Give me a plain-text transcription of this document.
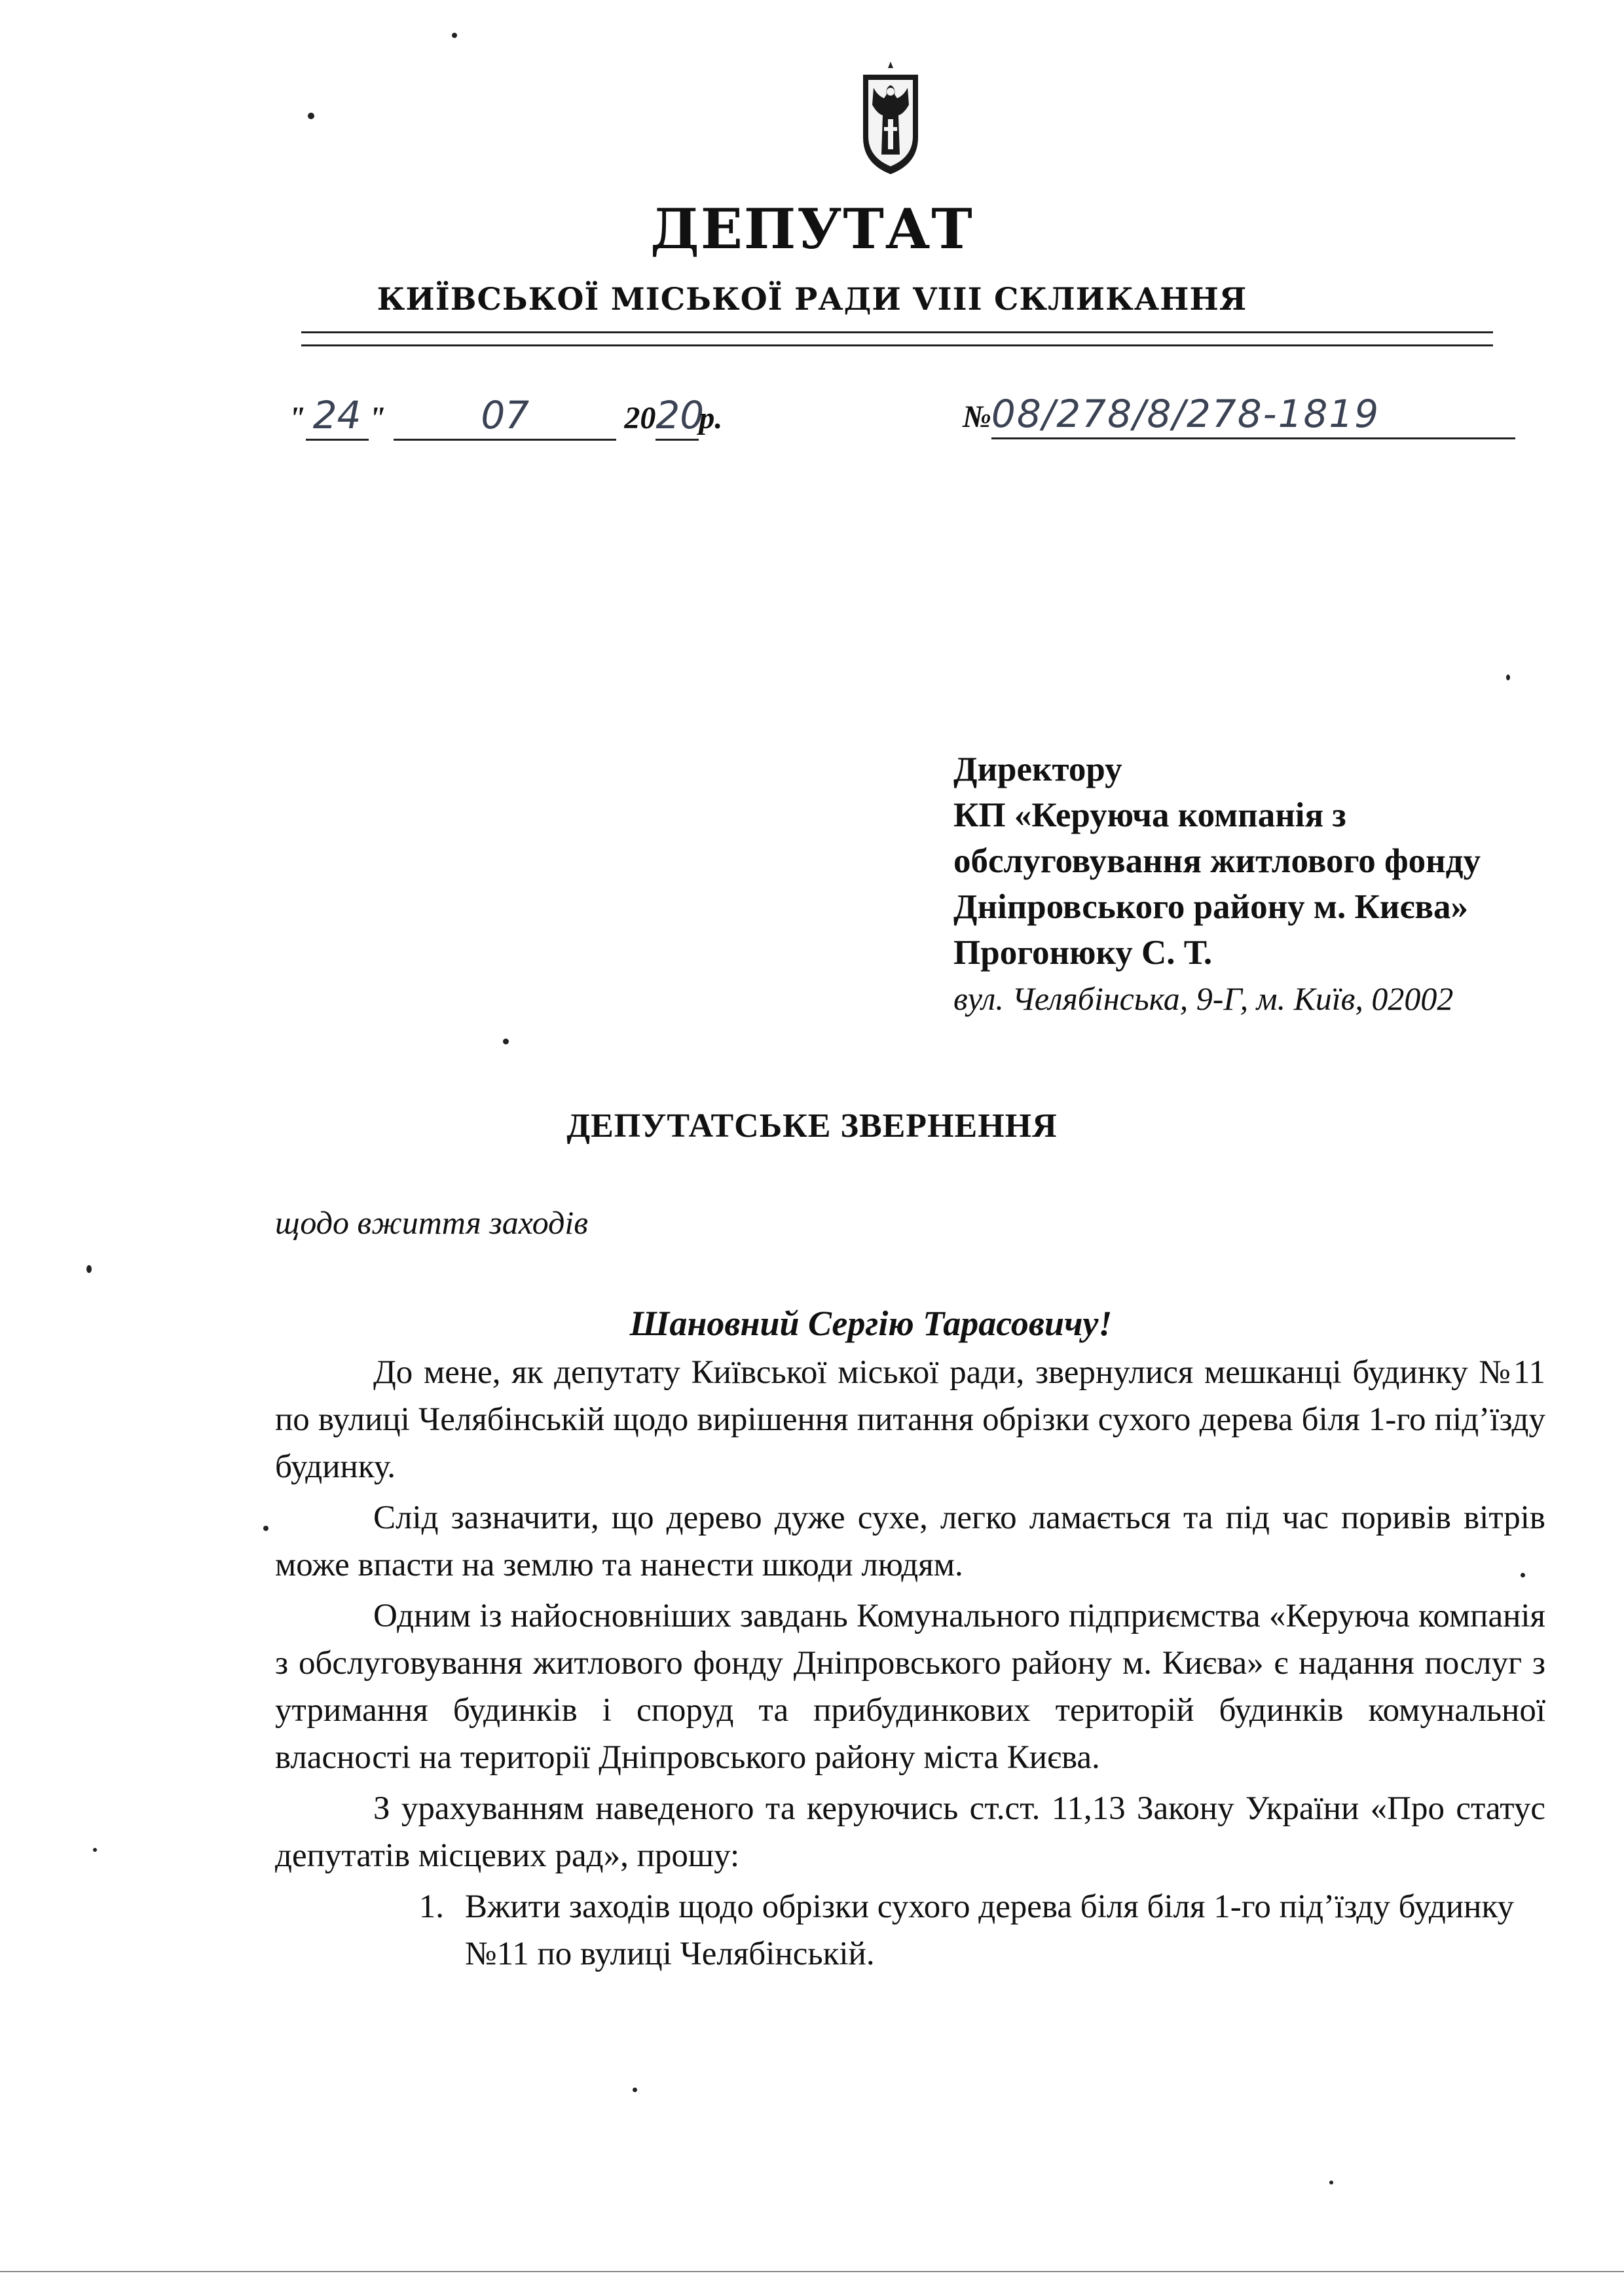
ДЕПУТАТ
КИЇВСЬКОЇ МІСЬКОЇ РАДИ VIII СКЛИКАННЯ
" 24 "	07	2020р.	№08/278/8/278-1819
Директору
КП «Керуюча компанія з
обслуговування житлового фонду
Дніпровського району м. Києва»
Прогонюку С. Т.
вул. Челябінська, 9-Г, м. Київ, 02002
ДЕПУТАТСЬКЕ ЗВЕРНЕННЯ
щодо вжиття заходів
Шановний Сергію Тарасовичу!

До мене, як депутату Київської міської ради, звернулися мешканці будинку №11 по вулиці Челябінській щодо вирішення питання обрізки сухого дерева біля 1-го під’їзду будинку.

Слід зазначити, що дерево дуже сухе, легко ламається та під час поривів вітрів може впасти на землю та нанести шкоди людям.

Одним із найосновніших завдань Комунального підприємства «Керуюча компанія з обслуговування житлового фонду Дніпровського району м. Києва» є надання послуг з утримання будинків і споруд та прибудинкових територій будинків комунальної власності на території Дніпровського району міста Києва.

З урахуванням наведеного та керуючись ст.ст. 11,13 Закону України «Про статус депутатів місцевих рад», прошу:

1. Вжити заходів щодо обрізки сухого дерева біля біля 1-го під’їзду будинку №11 по вулиці Челябінській.
